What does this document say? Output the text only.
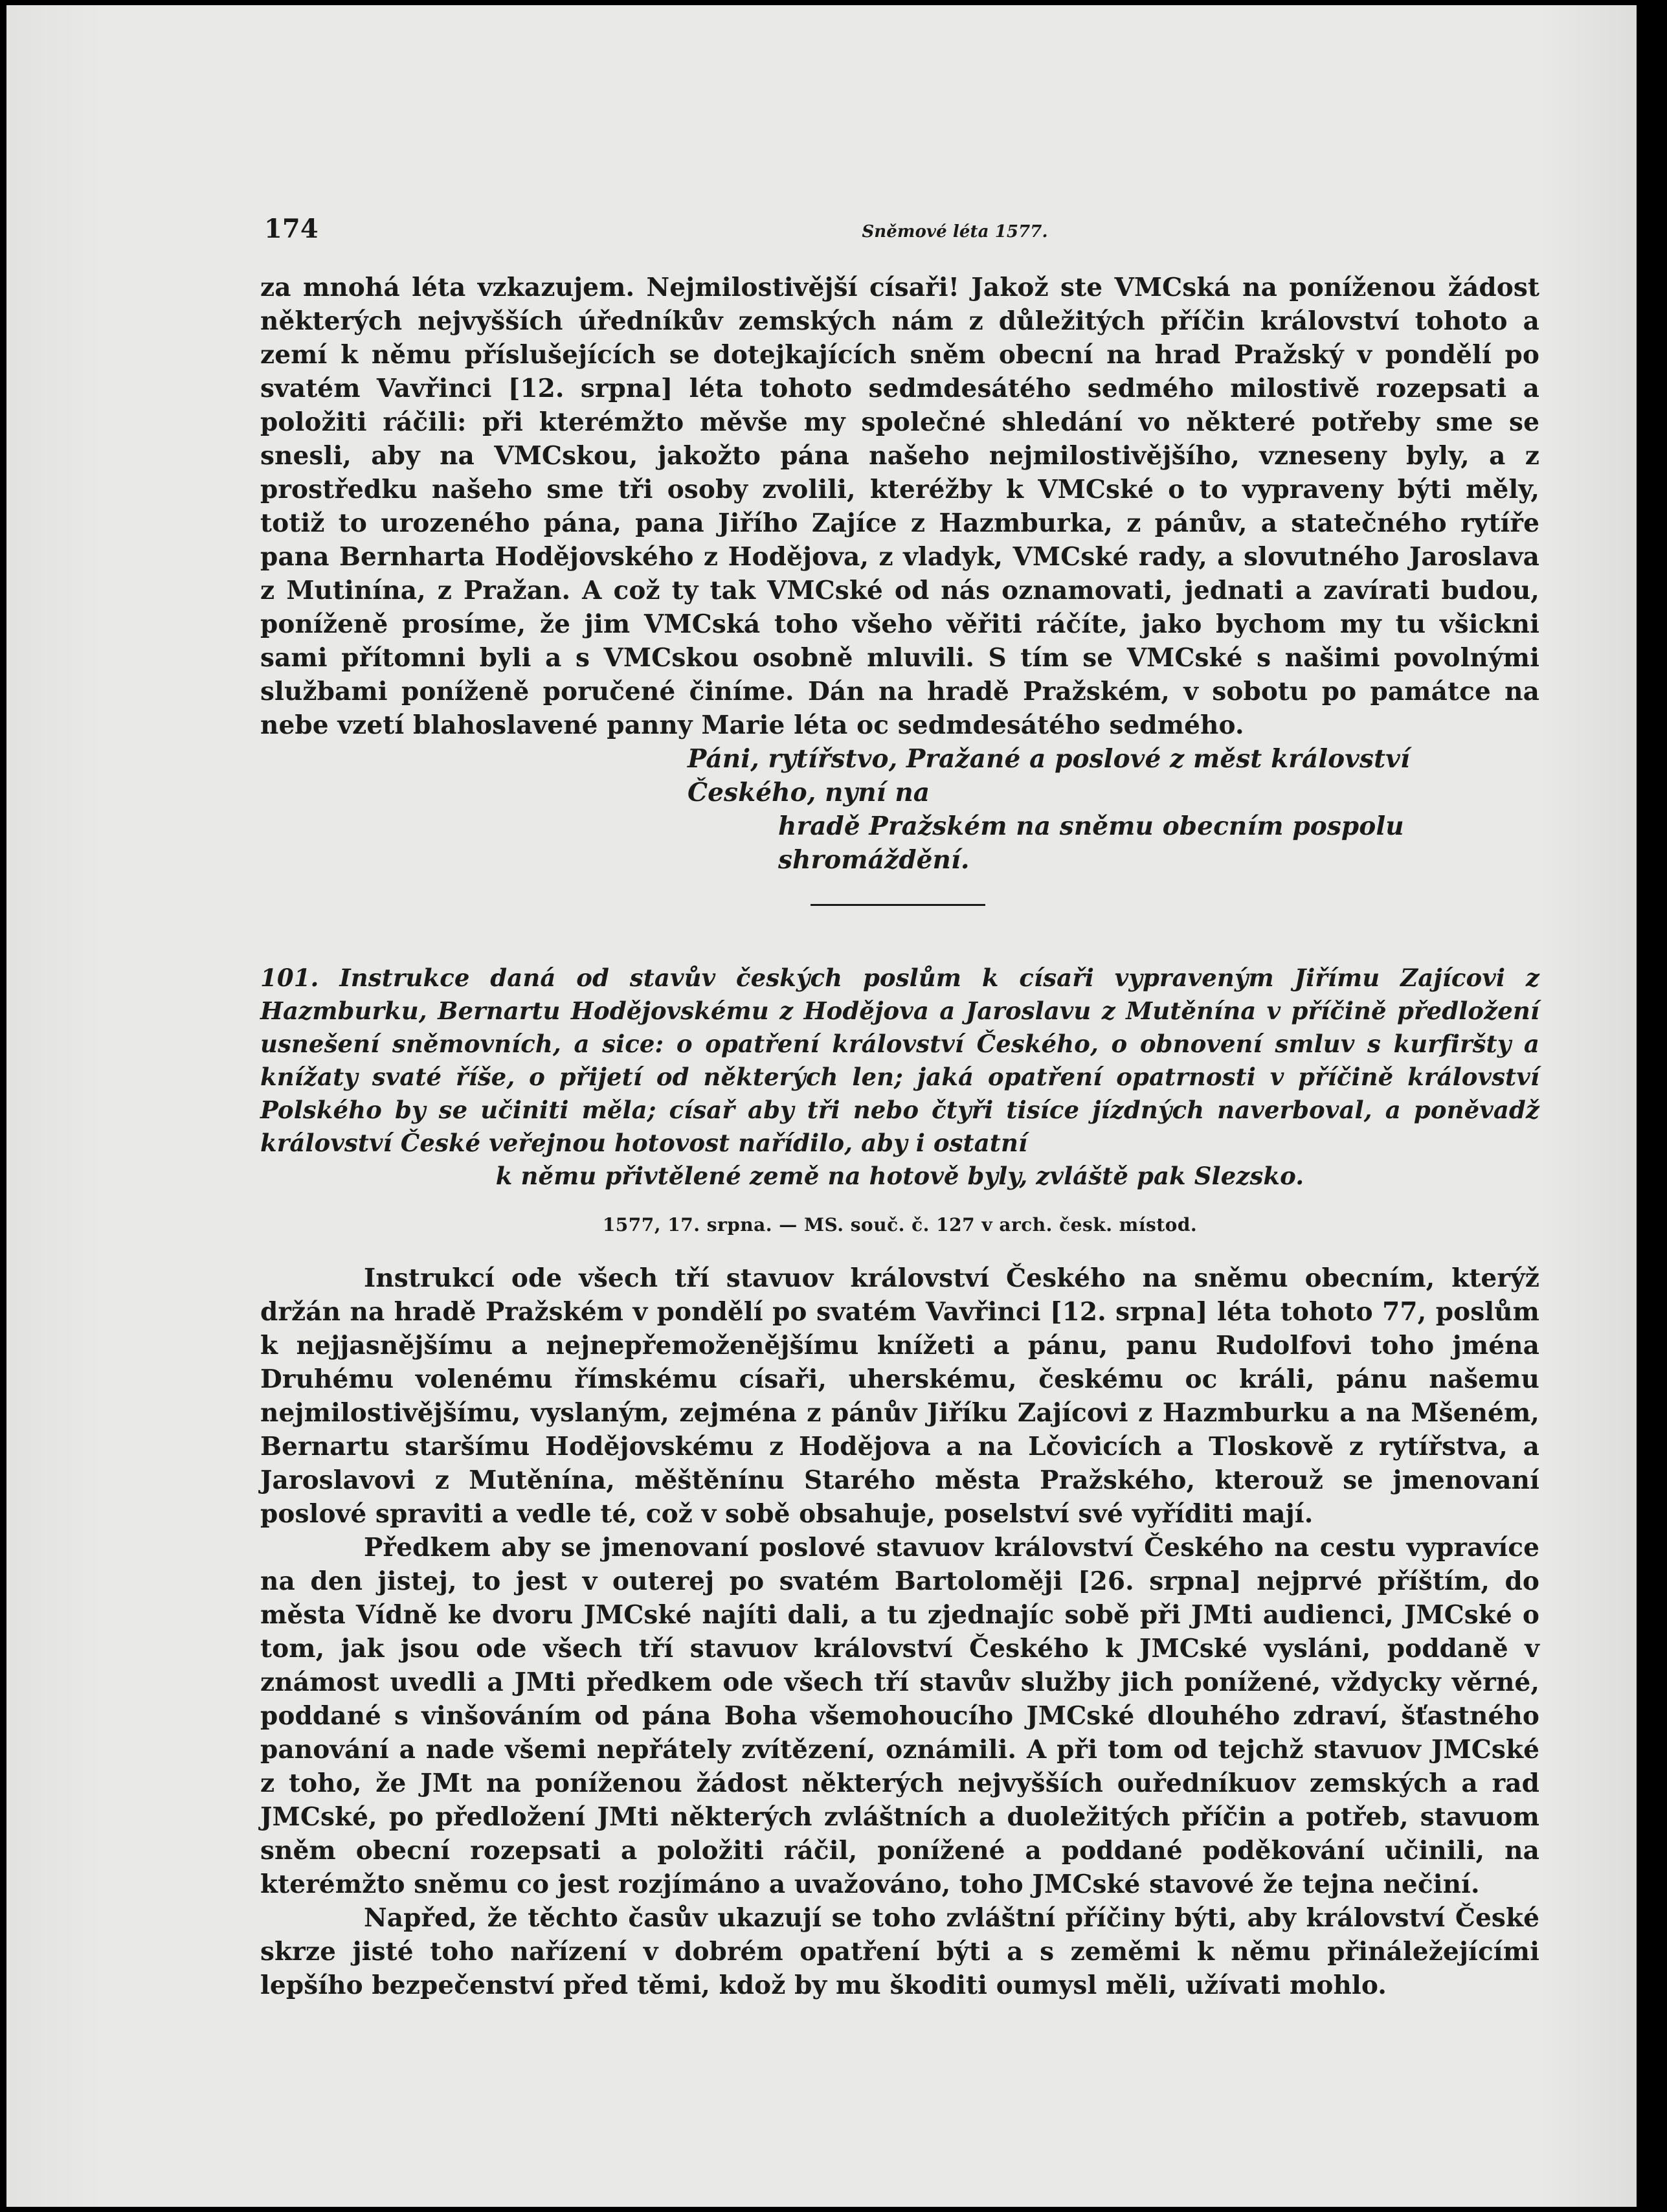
174	Sněmové léta 1577.

za mnohá léta vzkazujem. Nejmilostivější císaři! Jakož ste VMCská na poníženou žádost některých nejvyšších úředníkův zemských nám z důležitých příčin království tohoto a zemí k němu příslušejících se dotejkajících sněm obecní na hrad Pražský v pondělí po svatém Vavřinci [12. srpna] léta tohoto sedmdesátého sedmého milostivě rozepsati a položiti ráčili: při kterémžto měvše my společné shledání vo některé potřeby sme se snesli, aby na VMCskou, jakožto pána našeho nejmilostivějšího, vzneseny byly, a z prostředku našeho sme tři osoby zvolili, kteréžby k VMCské o to vypraveny býti měly, totiž to urozeného pána, pana Jiřího Zajíce z Hazmburka, z pánův, a statečného rytíře pana Bernharta Hodějovského z Hodějova, z vladyk, VMCské rady, a slovutného Jaroslava z Mutinína, z Pražan. A což ty tak VMCské od nás oznamovati, jednati a zavírati budou, poníženě prosíme, že jim VMCská toho všeho věřiti ráčíte, jako bychom my tu všickni sami přítomni byli a s VMCskou osobně mluvili. S tím se VMCské s našimi povolnými službami poníženě poručené činíme. Dán na hradě Pražském, v sobotu po památce na nebe vzetí blahoslavené panny Marie léta oc sedmdesátého sedmého.

Páni, rytířstvo, Pražané a poslové z měst království Českého, nyní na
hradě Pražském na sněmu obecním pospolu shromáždění.

101. Instrukce daná od stavův českých poslům k císaři vypraveným Jiřímu Zajícovi z Hazmburku, Bernartu Hodějovskému z Hodějova a Jaroslavu z Mutěnína v příčině předložení usnešení sněmovních, a sice: o opatření království Českého, o obnovení smluv s kurfiršty a knížaty svaté říše, o přijetí od některých len; jaká opatření opatrnosti v příčině království Polského by se učiniti měla; císař aby tři nebo čtyři tisíce jízdných naverboval, a poněvadž království České veřejnou hotovost nařídilo, aby i ostatní
k němu přivtělené země na hotově byly, zvláště pak Slezsko.
1577, 17. srpna. — MS. souč. č. 127 v arch. česk. místod.

Instrukcí ode všech tří stavuov království Českého na sněmu obecním, kterýž držán na hradě Pražském v pondělí po svatém Vavřinci [12. srpna] léta tohoto 77, poslům k nejjasnějšímu a nejnepřemoženějšímu knížeti a pánu, panu Rudolfovi toho jména Druhému volenému římskému císaři, uherskému, českému oc králi, pánu našemu nejmilostivějšímu, vyslaným, zejména z pánův Jiříku Zajícovi z Hazmburku a na Mšeném, Bernartu staršímu Hodějovskému z Hodějova a na Lčovicích a Tloskově z rytířstva, a Jaroslavovi z Mutěnína, měštěnínu Starého města Pražského, kterouž se jmenovaní poslové spraviti a vedle té, což v sobě obsahuje, poselství své vyříditi mají.

Předkem aby se jmenovaní poslové stavuov království Českého na cestu vypravíce na den jistej, to jest v outerej po svatém Bartoloměji [26. srpna] nejprvé příštím, do města Vídně ke dvoru JMCské najíti dali, a tu zjednajíc sobě při JMti audienci, JMCské o tom, jak jsou ode všech tří stavuov království Českého k JMCské vysláni, poddaně v známost uvedli a JMti předkem ode všech tří stavův služby jich ponížené, vždycky věrné, poddané s vinšováním od pána Boha všemohoucího JMCské dlouhého zdraví, šťastného panování a nade všemi nepřátely zvítězení, oznámili. A při tom od tejchž stavuov JMCské z toho, že JMt na poníženou žádost některých nejvyšších ouředníkuov zemských a rad JMCské, po předložení JMti některých zvláštních a duoležitých příčin a potřeb, stavuom sněm obecní rozepsati a položiti ráčil, ponížené a poddané poděkování učinili, na kterémžto sněmu co jest rozjímáno a uvažováno, toho JMCské stavové že tejna nečiní.

Napřed, že těchto časův ukazují se toho zvláštní příčiny býti, aby království České skrze jisté toho nařízení v dobrém opatření býti a s zeměmi k němu přináležejícími lepšího bezpečenství před těmi, kdož by mu škoditi oumysl měli, užívati mohlo.
